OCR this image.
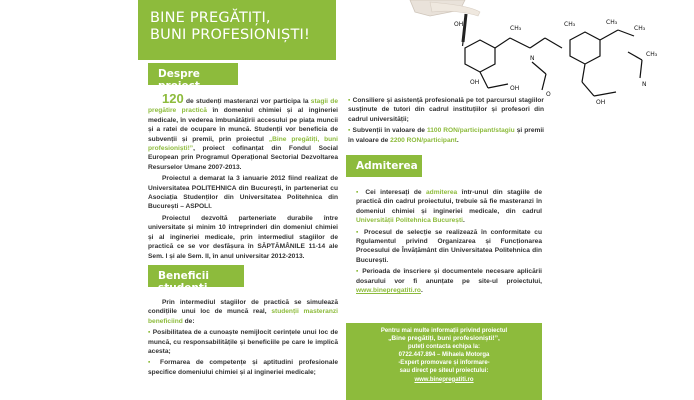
BINE PREGĂTIȚI,
BUNI PROFESIONIȘTI!
OH
OH
CH₃
CH₃
N
CH₃
CH₃
OH
O
OH
CH₃
N
Despre proiect

120 de studenți masteranzi vor participa la stagii de pregătire practică în domeniul chimiei și al ingineriei medicale, în vederea îmbunătățirii accesului pe piața muncii și a ratei de ocupare în muncă. Studenții vor beneficia de subvenții și premii, prin proiectul „Bine pregătiți, buni profesioniști!”, proiect cofinanțat din Fondul Social European prin Programul Operațional Sectorial Dezvoltarea Resurselor Umane 2007-2013.

Proiectul a demarat la 3 ianuarie 2012 fiind realizat de Universitatea POLITEHNICA din București, în parteneriat cu Asociația Studenților din Universitatea Politehnica din București – ASPOLI.

Proiectul dezvoltă parteneriate durabile între universitate și minim 10 întreprinderi din domeniul chimiei și al ingineriei medicale, prin intermediul stagiilor de practică ce se vor desfășura în SĂPTĂMÂNILE 11-14 ale Sem. I și ale Sem. II, în anul universitar 2012-2013.

Beneficii studenți

Prin intermediul stagiilor de practică se simulează condițiile unui loc de muncă real, studenții masteranzi beneficiind de:

▪ Posibilitatea de a cunoaște nemijlocit cerințele unui loc de muncă, cu responsabilitățile și beneficiile pe care le implică acesta;

▪ Formarea de competențe și aptitudini profesionale specifice domeniului chimiei și al ingineriei medicale;

▪ Consiliere și asistență profesională pe tot parcursul stagiilor susținute de tutori din cadrul instituțiilor și profesori din cadrul universității;

▪ Subvenții în valoare de 1100 RON/participant/stagiu și premii în valoare de 2200 RON/participant.

Admiterea

▪ Cei interesați de admiterea într-unul din stagiile de practică din cadrul proiectului, trebuie să fie masteranzi în domeniul chimiei și ingineriei medicale, din cadrul Universității Politehnica București.

▪ Procesul de selecție se realizează în conformitate cu Rgulamentul privind Organizarea și Funcționarea Procesului de Învățământ din Universitatea Politehnica din București.

▪ Perioada de înscriere și documentele necesare aplicării dosarului vor fi anunțate pe site-ul proiectului, www.binepregatiti.ro.

Pentru mai multe informații privind proiectul
„Bine pregătiți, buni profesioniști!”,
puteți contacta echipa la:
0722.447.894 – Mihaela Motorga
-Expert promovare și informare-
sau direct pe siteul proiectului:
www.binepregatiti.ro
